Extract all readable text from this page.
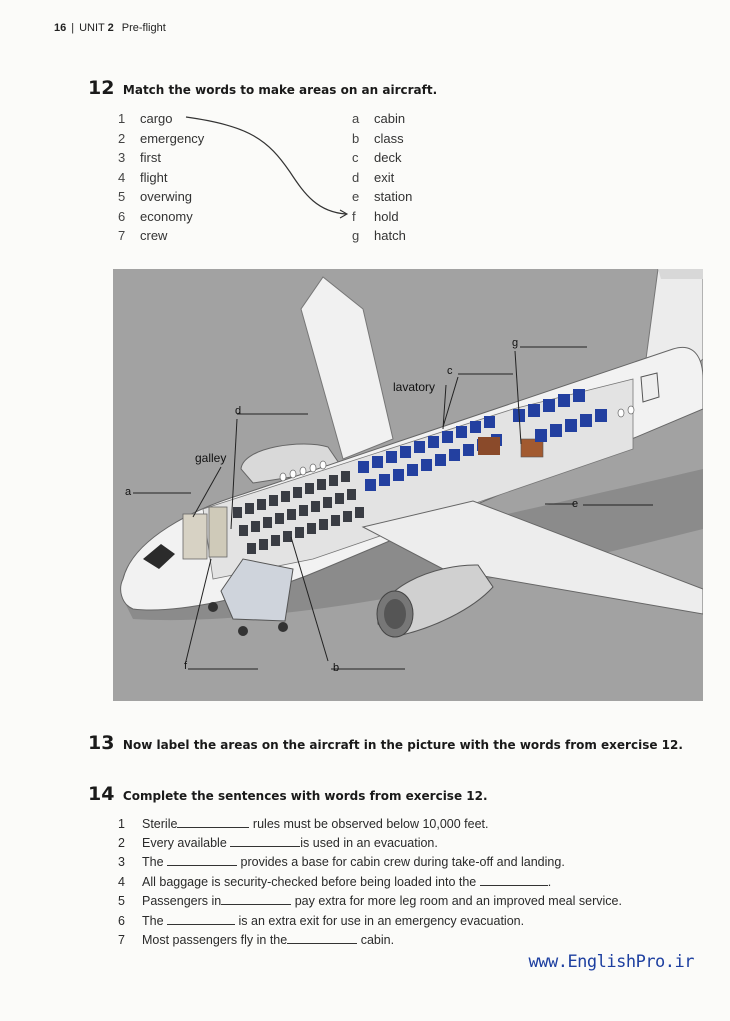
16 | UNIT 2 Pre-flight
12 Match the words to make areas on an aircraft.
1 cargo
2 emergency
3 first
4 flight
5 overwing
6 economy
7 crew
a cabin
b class
c deck
d exit
e station
f hold
g hatch
lavatory
galley
a
b
c
d
e
f
g
13 Now label the areas on the aircraft in the picture with the words from exercise 12.
14 Complete the sentences with words from exercise 12.
1 Sterile	rules must be observed below 10,000 feet.
2 Every available	is used in an evacuation.
3 The	provides a base for cabin crew during take-off and landing.
4 All baggage is security-checked before being loaded into the	.
5 Passengers in	pay extra for more leg room and an improved meal service.
6 The	is an extra exit for use in an emergency evacuation.
7 Most passengers fly in the	cabin.
www.EnglishPro.ir
